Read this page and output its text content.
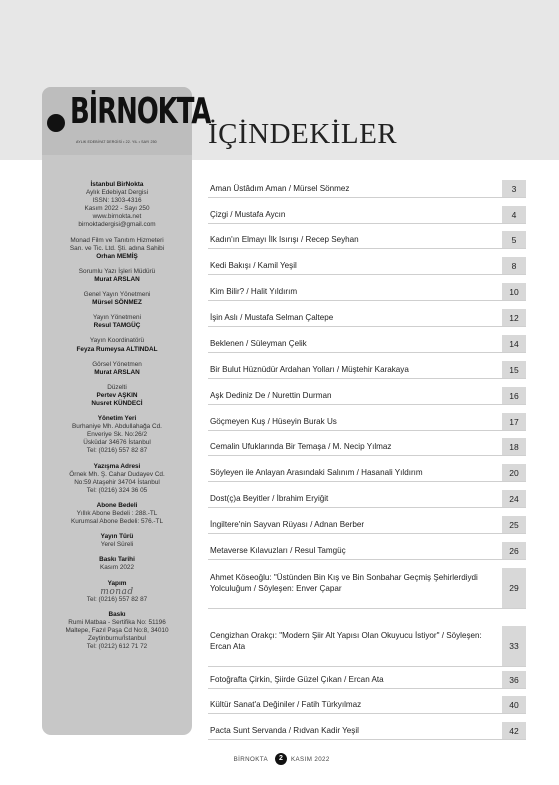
BİRNOKTA
AYLIK EDEBİYAT DERGİSİ • 22. YIL • SAYI 250
İstanbul BirNokta
Aylık Edebiyat Dergisi
ISSN: 1303-4316
Kasım 2022 - Sayı 250
www.birnokta.net
birnoktadergisi@gmail.com
Monad Film ve Tanıtım Hizmeteri
San. ve Tic. Ltd. Şti. adına Sahibi
Orhan MEMİŞ
Sorumlu Yazı İşleri Müdürü
Murat ARSLAN
Genel Yayın Yönetmeni
Mürsel SÖNMEZ
Yayın Yönetmeni
Resul TAMGÜÇ
Yayın Koordinatörü
Feyza Rumeysa ALTINDAL
Görsel Yönetmen
Murat ARSLAN
Düzelti
Pertev AŞKIN
Nusret KÜNDECİ
Yönetim Yeri
Burhaniye Mh. Abdullahağa Cd.
Enveriye Sk. No:26/2
Üsküdar 34676 İstanbul
Tel: (0216) 557 82 87
Yazışma Adresi
Örnek Mh. Ş. Cahar Dudayev Cd.
No:59 Ataşehir 34704 İstanbul
Tel: (0216) 324 36 05
Abone Bedeli
Yıllık Abone Bedeli : 288.-TL
Kurumsal Abone Bedeli: 576.-TL
Yayın Türü
Yerel Süreli
Baskı Tarihi
Kasım 2022
Yapım
monad
Tel: (0216) 557 82 87
Baskı
Rumi Matbaa - Sertifika No: 51196
Maltepe, Fazıl Paşa Cd No:8, 34010
Zeytinburnu/İstanbul
Tel: (0212) 612 71 72
İÇİNDEKİLER
Aman Üstâdım Aman / Mürsel Sönmez	3
Çizgi / Mustafa Aycın	4
Kadın'ın Elmayı İlk Isırışı / Recep Seyhan	5
Kedi Bakışı / Kamil Yeşil	8
Kim Bilir? / Halit Yıldırım	10
İşin Aslı / Mustafa Selman Çaltepe	12
Beklenen / Süleyman Çelik	14
Bir Bulut Hüznüdür Ardahan Yolları / Müştehir Karakaya	15
Aşk Dediniz De / Nurettin Durman	16
Göçmeyen Kuş / Hüseyin Burak Us	17
Cemalin Ufuklarında Bir Temaşa / M. Necip Yılmaz	18
Söyleyen ile Anlayan Arasındaki Salınım / Hasanali Yıldırım	20
Dost(ç)a Beyitler / İbrahim Eryiğit	24
İngiltere'nin Sayvan Rüyası / Adnan Berber	25
Metaverse Kılavuzları / Resul Tamgüç	26
Ahmet Köseoğlu: "Üstünden Bin Kış ve Bin Sonbahar Geçmiş Şehirlerdiydi Yolculuğum / Söyleşen: Enver Çapar	29
Cengizhan Orakçı: "Modern Şiir Alt Yapısı Olan Okuyucu İstiyor" / Söyleşen: Ercan Ata	33
Fotoğrafta Çirkin, Şiirde Güzel Çıkan / Ercan Ata	36
Kültür Sanat'a Değiniler / Fatih Türkyılmaz	40
Pacta Sunt Servanda / Rıdvan Kadir Yeşil	42
BİRNOKTA	2	KASIM 2022
